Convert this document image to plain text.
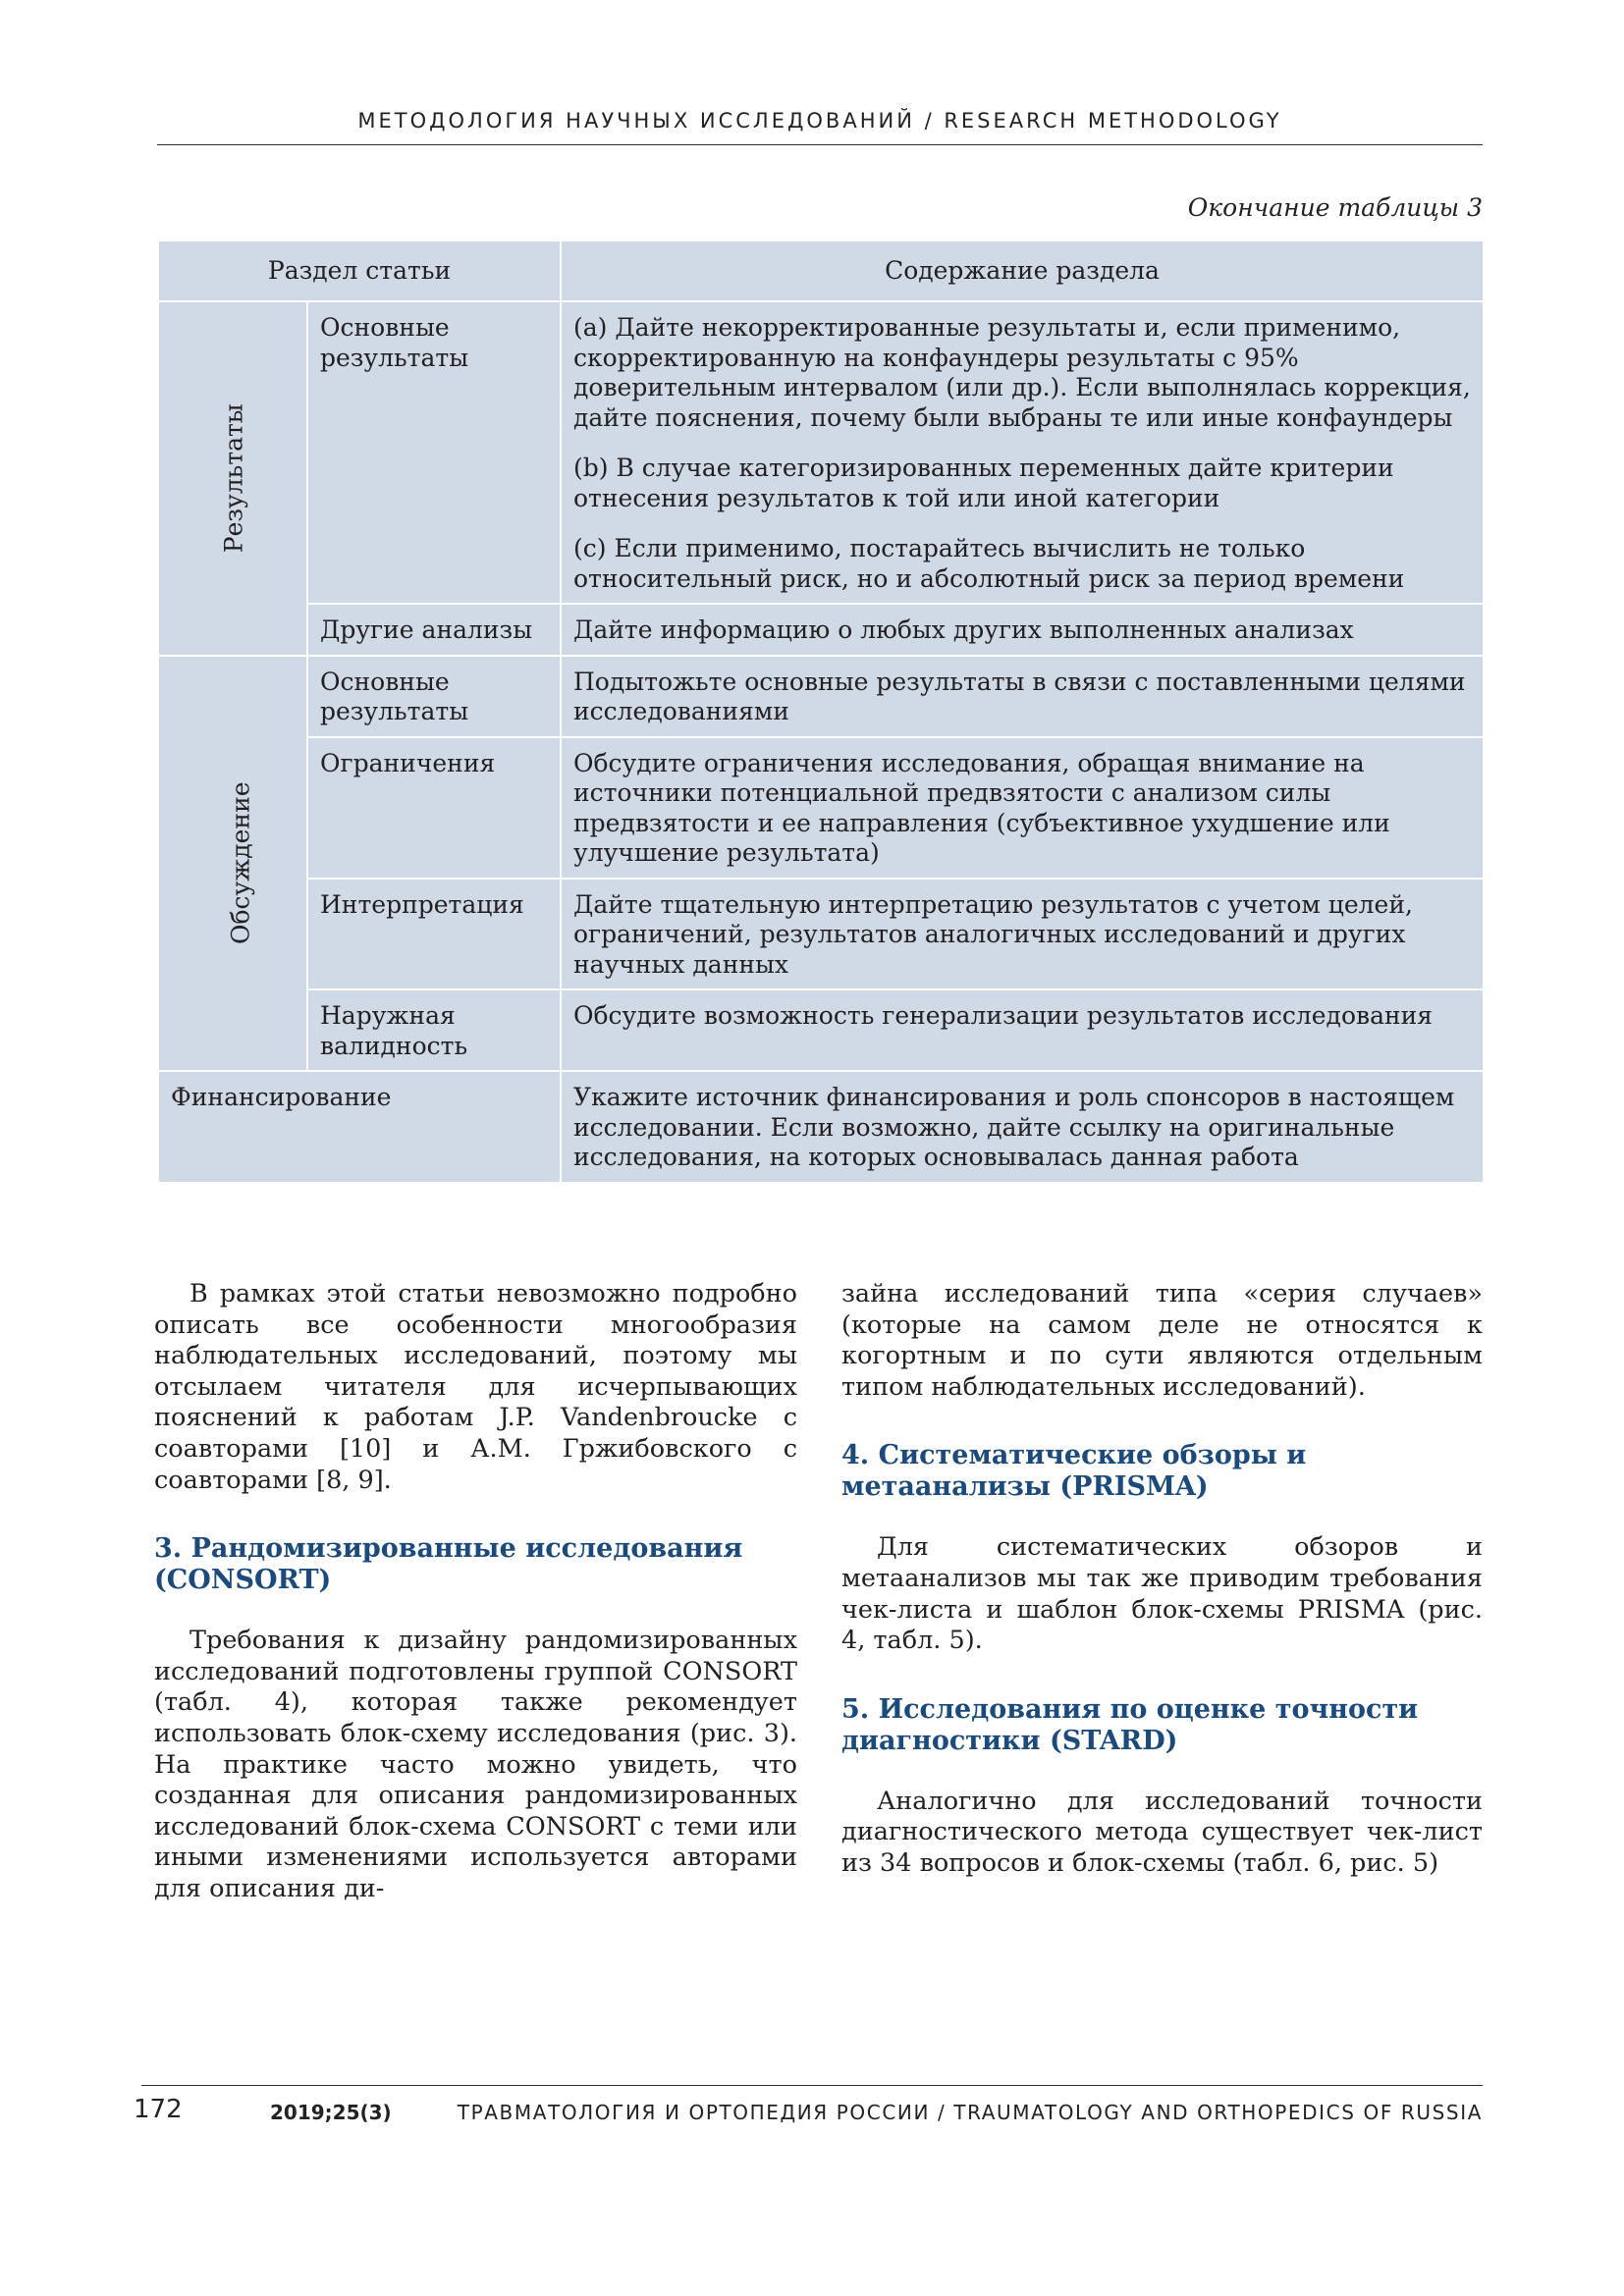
МЕТОДОЛОГИЯ НАУЧНЫХ ИССЛЕДОВАНИЙ / RESEARCH METHODOLOGY
Окончание таблицы 3
Раздел статьи		Содержание раздела
Результаты	Основные результаты	(a) Дайте некорректированные результаты и, если применимо, скорректированную на конфаундеры результаты с 95% доверительным интервалом (или др.). Если выполнялась коррекция, дайте пояснения, почему были выбраны те или иные конфаундеры

(b) В случае категоризированных переменных дайте критерии отнесения результатов к той или иной категории

(c) Если применимо, постарайтесь вычислить не только относительный риск, но и абсолютный риск за период времени

	Другие анализы	Дайте информацию о любых других выполненных анализах

Обсуждение	Основные результаты	Подытожьте основные результаты в связи с поставленными целями исследованиями

	Ограничения	Обсудите ограничения исследования, обращая внимание на источники потенциальной предвзятости с анализом силы предвзятости и ее направления (субъективное ухудшение или улучшение результата)

	Интерпретация	Дайте тщательную интерпретацию результатов с учетом целей, ограничений, результатов аналогичных исследований и других научных данных

	Наружная валидность	Обсудите возможность генерализации результатов исследования

Финансирование		Укажите источник финансирования и роль спонсоров в настоящем исследовании. Если возможно, дайте ссылку на оригинальные исследования, на которых основывалась данная работа

В рамках этой статьи невозможно подробно описать все особенности многообразия наблюдательных исследований, поэтому мы отсылаем читателя для исчерпывающих пояснений к работам J.P. Vandenbroucke с соавторами [10] и А.М. Гржибовского с соавторами [8, 9].

3. Рандомизированные исследования (CONSORT)

Требования к дизайну рандомизированных исследований подготовлены группой CONSORT (табл. 4), которая также рекомендует использовать блок-схему исследования (рис. 3). На практике часто можно увидеть, что созданная для описания рандомизированных исследований блок-схема CONSORT с теми или иными изменениями используется авторами для описания ди-

зайна исследований типа «серия случаев» (которые на самом деле не относятся к когортным и по сути являются отдельным типом наблюдательных исследований).

4. Систематические обзоры и метаанализы (PRISMA)

Для систематических обзоров и метаанализов мы так же приводим требования чек-листа и шаблон блок-схемы PRISMA (рис. 4, табл. 5).

5. Исследования по оценке точности диагностики (STARD)

Аналогично для исследований точности диагностического метода существует чек-лист из 34 вопросов и блок-схемы (табл. 6, рис. 5)

172	2019;25(3)	ТРАВМАТОЛОГИЯ И ОРТОПЕДИЯ РОССИИ / TRAUMATOLOGY AND ORTHOPEDICS OF RUSSIA
